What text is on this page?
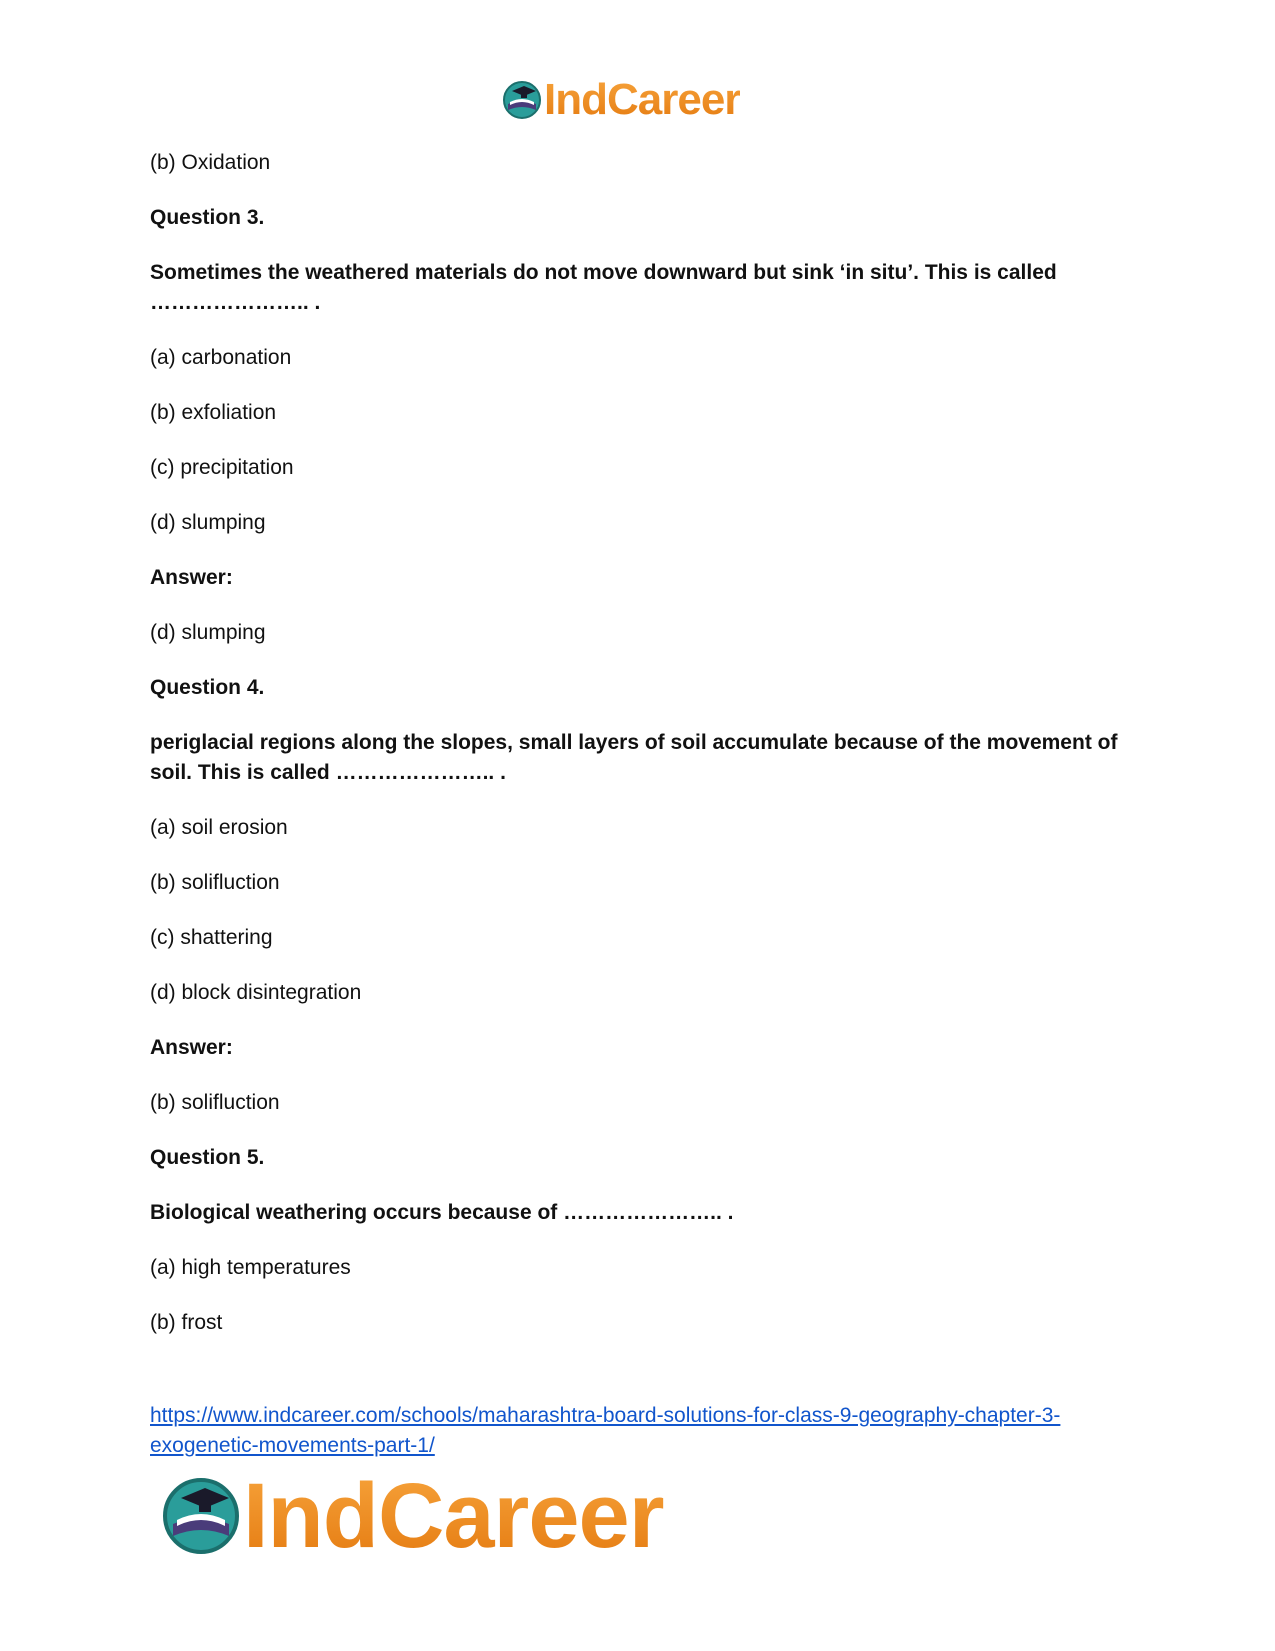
IndCareer

(b) Oxidation

Question 3.

Sometimes the weathered materials do not move downward but sink ‘in situ’. This is called ………………….. .

(a) carbonation

(b) exfoliation

(c) precipitation

(d) slumping

Answer:

(d) slumping

Question 4.

periglacial regions along the slopes, small layers of soil accumulate because of the movement of soil. This is called ………………….. .

(a) soil erosion

(b) solifluction

(c) shattering

(d) block disintegration

Answer:

(b) solifluction

Question 5.

Biological weathering occurs because of ………………….. .

(a) high temperatures

(b) frost

https://www.indcareer.com/schools/maharashtra-board-solutions-for-class-9-geography-chapter-3-exogenetic-movements-part-1/
IndCareer
